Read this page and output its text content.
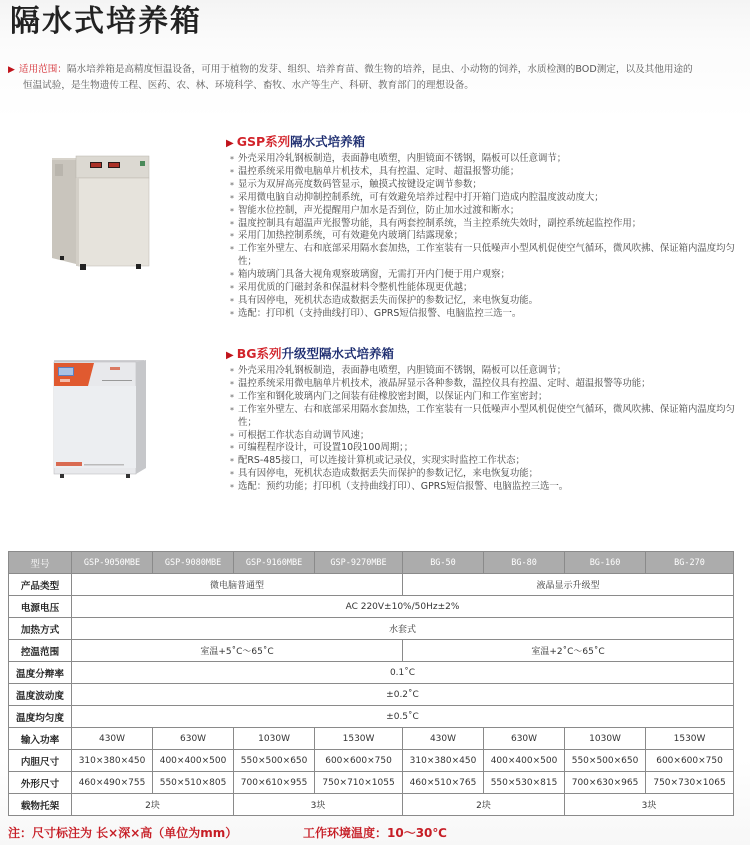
隔水式培养箱
▶ 适用范围：隔水培养箱是高精度恒温设备，可用于植物的发芽、组织、培养育苗、微生物的培养，昆虫、小动物的饲养，水质检测的BOD测定，以及其他用途的
恒温试验，是生物遗传工程、医药、农、林、环境科学、畜牧、水产等生产、科研、教育部门的理想设备。
▶ GSP系列隔水式培养箱
* 外壳采用冷轧钢板制造，表面静电喷塑，内胆镜面不锈钢，隔板可以任意调节；
* 温控系统采用微电脑单片机技术，具有控温、定时、超温报警功能；
* 显示为双屏高亮度数码管显示，触摸式按键设定调节参数；
* 采用微电脑自动抑制控制系统，可有效避免培养过程中打开箱门造成内腔温度波动度大；
* 智能水位控制，声光提醒用户加水是否到位，防止加水过渡和断水；
* 温度控制具有超温声光报警功能，具有两套控制系统，当主控系统失效时，副控系统起监控作用；
* 采用门加热控制系统，可有效避免内玻璃门结露现象；
* 工作室外壁左、右和底部采用隔水套加热，工作室装有一只低噪声小型风机促使空气循环，微风吹拂、保证箱内温度均匀性；
* 箱内玻璃门具备大视角观察玻璃窗，无需打开内门便于用户观察；
* 采用优质的门磁封条和保温材料令整机性能体现更优越；
* 具有因停电，死机状态造成数据丢失而保护的参数记忆，来电恢复功能。
* 选配：打印机（支持曲线打印）、GPRS短信报警、电脑监控三选一。
▶ BG系列升级型隔水式培养箱
* 外壳采用冷轧钢板制造，表面静电喷塑，内胆镜面不锈钢，隔板可以任意调节；
* 温控系统采用微电脑单片机技术，液晶屏显示各种参数，温控仪具有控温、定时、超温报警等功能；
* 工作室和钢化玻璃内门之间装有硅橡胶密封圈，以保证内门和工作室密封；
* 工作室外壁左、右和底部采用隔水套加热，工作室装有一只低噪声小型风机促使空气循环，微风吹拂、保证箱内温度均匀性；
* 可根据工作状态自动调节风速；
* 可编程程序设计，可设置10段100周期；；
* 配RS-485接口，可以连接计算机或记录仪，实现实时监控工作状态；
* 具有因停电，死机状态造成数据丢失而保护的参数记忆，来电恢复功能；
* 选配：预约功能；打印机（支持曲线打印）、GPRS短信报警、电脑监控三选一。
型号	GSP-9050MBE	GSP-9080MBE	GSP-9160MBE	GSP-9270MBE	BG-50	BG-80	BG-160	BG-270
产品类型	微电脑普通型				液晶显示升级型			
电源电压	AC 220V±10%/50Hz±2%							
加热方式	水套式							
控温范围	室温+5˚C～65˚C				室温+2˚C～65˚C			
温度分辩率	0.1˚C							
温度波动度	±0.2˚C							
温度均匀度	±0.5˚C							
输入功率	430W	630W	1030W	1530W	430W	630W	1030W	1530W
内胆尺寸	310×380×450	400×400×500	550×500×650	600×600×750	310×380×450	400×400×500	550×500×650	600×600×750
外形尺寸	460×490×755	550×510×805	700×610×955	750×710×1055	460×510×765	550×530×815	700×630×965	750×730×1065
载物托架	2块		3块		2块		3块	
注：尺寸标注为 长×深×高（单位为mm）	工作环境温度：10～30℃
